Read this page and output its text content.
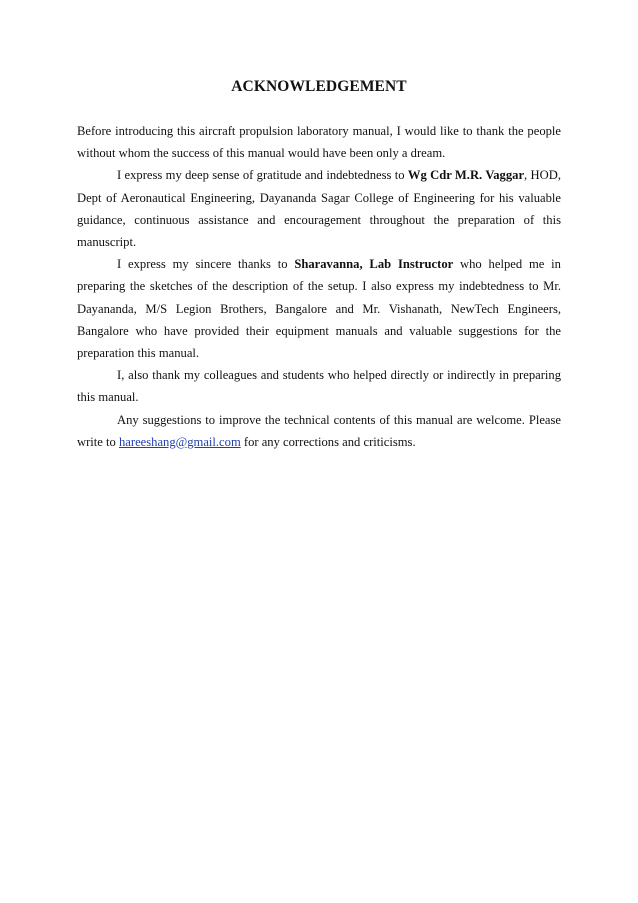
ACKNOWLEDGEMENT

Before introducing this aircraft propulsion laboratory manual, I would like to thank the people without whom the success of this manual would have been only a dream.

I express my deep sense of gratitude and indebtedness to Wg Cdr M.R. Vaggar, HOD, Dept of Aeronautical Engineering, Dayananda Sagar College of Engineering for his valuable guidance, continuous assistance and encouragement throughout the preparation of this manuscript.

I express my sincere thanks to Sharavanna, Lab Instructor who helped me in preparing the sketches of the description of the setup. I also express my indebtedness to Mr. Dayananda, M/S Legion Brothers, Bangalore and Mr. Vishanath, NewTech Engineers, Bangalore who have provided their equipment manuals and valuable suggestions for the preparation this manual.

I, also thank my colleagues and students who helped directly or indirectly in preparing this manual.

Any suggestions to improve the technical contents of this manual are welcome. Please write to hareeshang@gmail.com for any corrections and criticisms.
